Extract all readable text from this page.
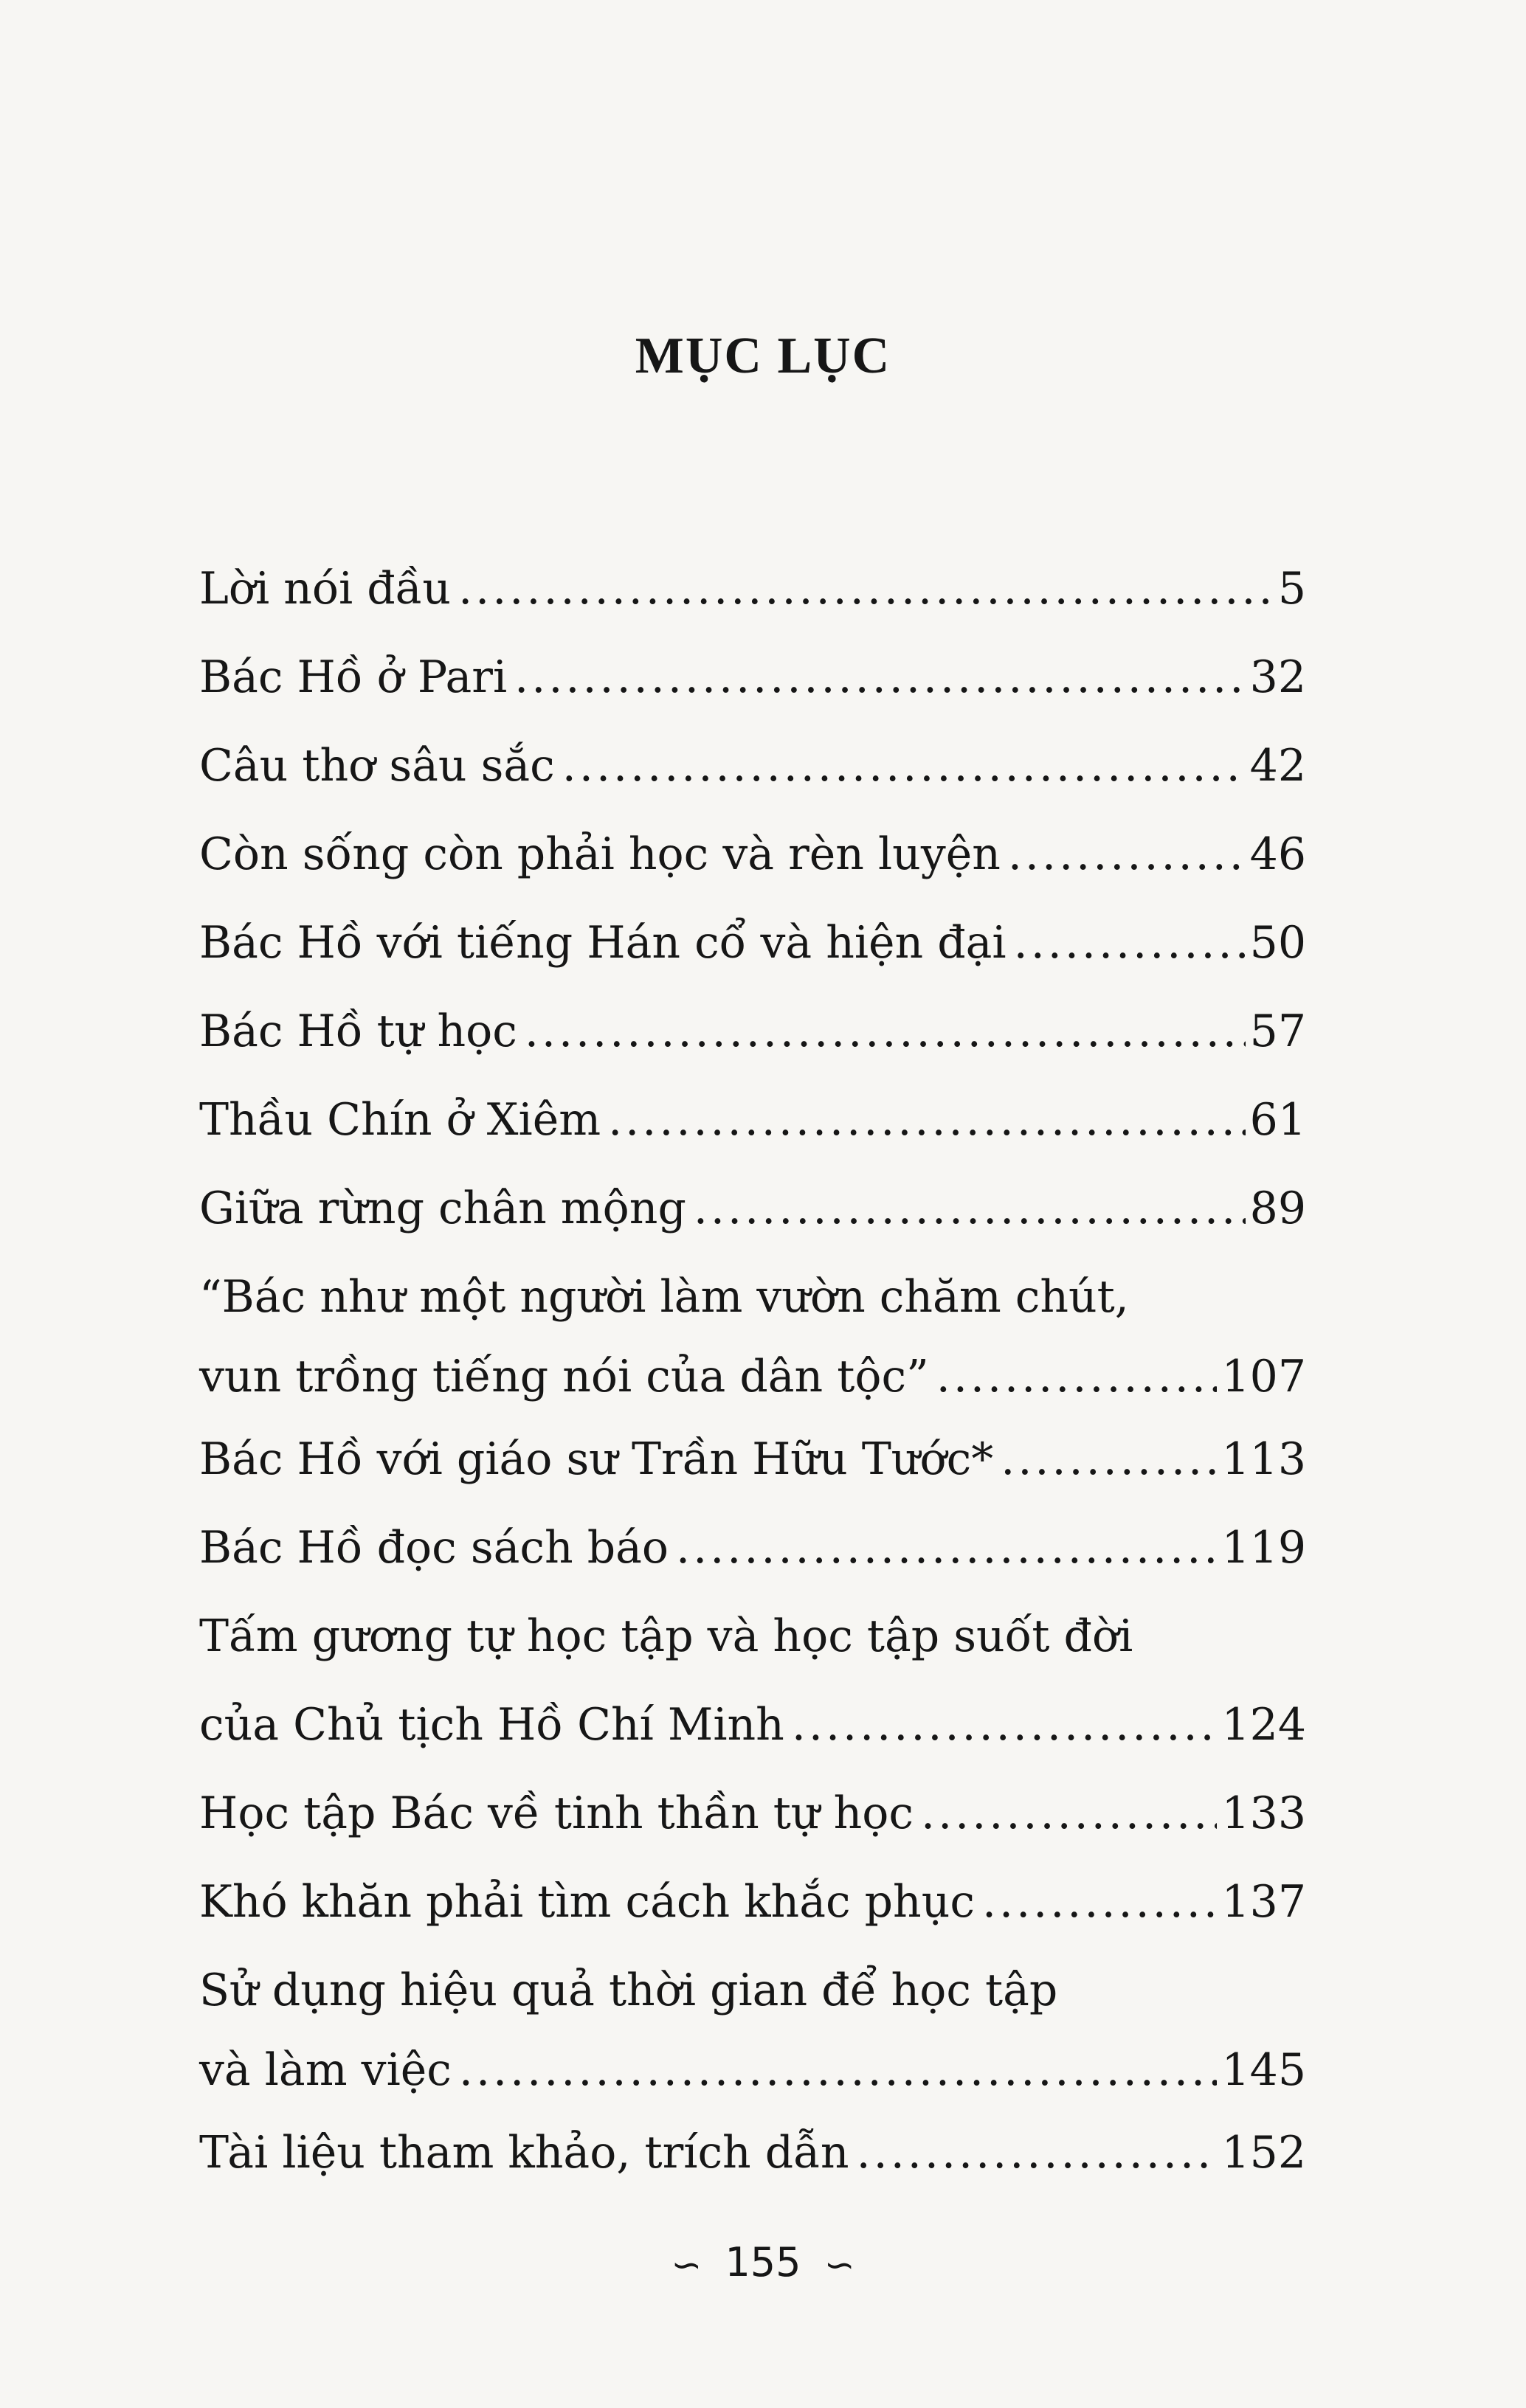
MỤC LỤC
Lời nói đầu .....	5
Bác Hồ ở Pari .....	32
Câu thơ sâu sắc .....	42
Còn sống còn phải học và rèn luyện .....	46
Bác Hồ với tiếng Hán cổ và hiện đại .....	50
Bác Hồ tự học .....	57
Thầu Chín ở Xiêm .....	61
Giữa rừng chân mộng .....	89
“Bác như một người làm vườn chăm chút,
vun trồng tiếng nói của dân tộc” .....	107
Bác Hồ với giáo sư Trần Hữu Tước* .....	113
Bác Hồ đọc sách báo .....	119
Tấm gương tự học tập và học tập suốt đời
của Chủ tịch Hồ Chí Minh .....	124
Học tập Bác về tinh thần tự học .....	133
Khó khăn phải tìm cách khắc phục .....	137
Sử dụng hiệu quả thời gian để học tập
và làm việc .....	145
Tài liệu tham khảo, trích dẫn .....	152
∽ 155 ∽
